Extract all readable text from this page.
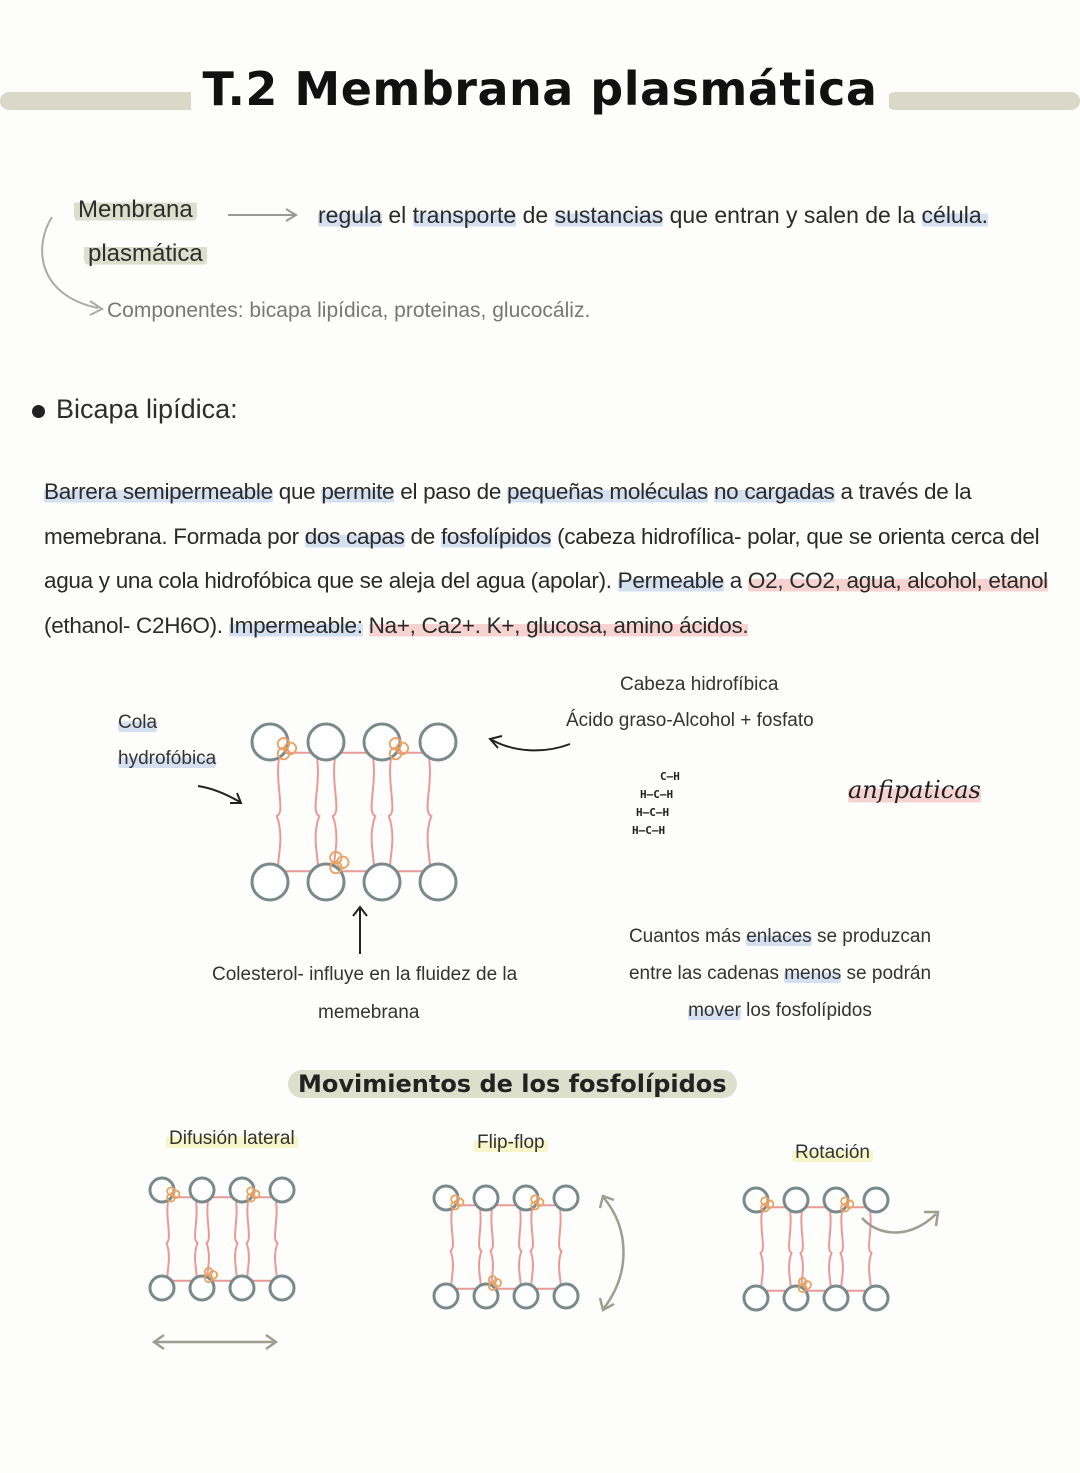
T.2 Membrana plasmática
Membrana
plasmática
regula el transporte de sustancias que entran y salen de la célula.
Componentes: bicapa lipídica, proteinas, glucocáliz.
Bicapa lipídica:
Barrera semipermeable que permite el paso de pequeñas moléculas no cargadas a través de la memebrana. Formada por dos capas de fosfolípidos (cabeza hidrofílica- polar, que se orienta cerca del agua y una cola hidrofóbica que se aleja del agua (apolar). Permeable a O2, CO2, agua, alcohol, etanol (ethanol- C2H6O). Impermeable: Na+, Ca2+. K+, glucosa, amino ácidos.
Cola
hydrofóbica
Cabeza hidrofíbica
Ácido graso-Alcohol + fosfato
C–H
H–C–H
H–C–H
H–C–H
anfipaticas
Colesterol- influye en la fluidez de la
memebrana
Cuantos más enlaces se produzcan
entre las cadenas menos se podrán
mover los fosfolípidos
Movimientos de los fosfolípidos
Difusión lateral	Flip-flop	Rotación
